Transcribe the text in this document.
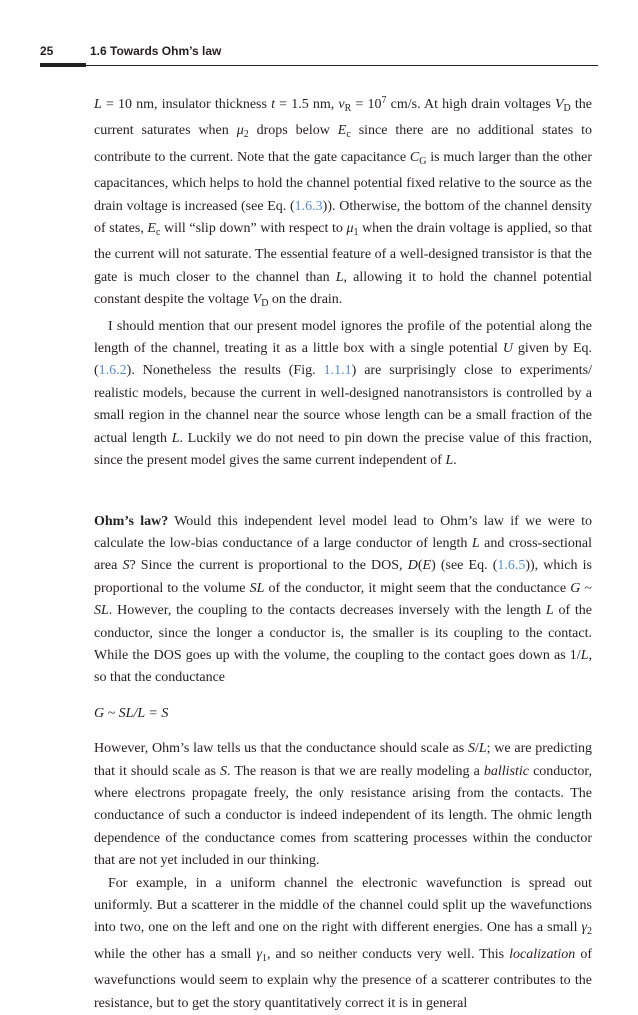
25	1.6 Towards Ohm’s law

L = 10 nm, insulator thickness t = 1.5 nm, $v_R = 10^7$ cm/s. At high drain voltages $V_D$ the current saturates when $\mu_2$ drops below $E_c$ since there are no additional states to contribute to the current. Note that the gate capacitance $C_G$ is much larger than the other capacitances, which helps to hold the channel potential fixed relative to the source as the drain voltage is increased (see Eq. (1.6.3)). Otherwise, the bottom of the channel density of states, $E_c$ will “slip down” with respect to $\mu_1$ when the drain voltage is applied, so that the current will not saturate. The essential feature of a well-designed transistor is that the gate is much closer to the channel than L, allowing it to hold the channel potential constant despite the voltage $V_D$ on the drain.

I should mention that our present model ignores the profile of the potential along the length of the channel, treating it as a little box with a single potential U given by Eq. (1.6.2). Nonetheless the results (Fig. 1.1.1) are surprisingly close to experiments/ realistic models, because the current in well-designed nanotransistors is controlled by a small region in the channel near the source whose length can be a small fraction of the actual length L. Luckily we do not need to pin down the precise value of this fraction, since the present model gives the same current independent of L.

Ohm’s law? Would this independent level model lead to Ohm’s law if we were to calculate the low-bias conductance of a large conductor of length L and cross-sectional area S? Since the current is proportional to the DOS, D(E) (see Eq. (1.6.5)), which is proportional to the volume SL of the conductor, it might seem that the conductance G ~ SL. However, the coupling to the contacts decreases inversely with the length L of the conductor, since the longer a conductor is, the smaller is its coupling to the contact. While the DOS goes up with the volume, the coupling to the contact goes down as 1/L, so that the conductance

G ~ SL/L = S

However, Ohm’s law tells us that the conductance should scale as S/L; we are predicting that it should scale as S. The reason is that we are really modeling a ballistic conductor, where electrons propagate freely, the only resistance arising from the contacts. The conductance of such a conductor is indeed independent of its length. The ohmic length dependence of the conductance comes from scattering processes within the conductor that are not yet included in our thinking.

For example, in a uniform channel the electronic wavefunction is spread out uniformly. But a scatterer in the middle of the channel could split up the wavefunctions into two, one on the left and one on the right with different energies. One has a small $\gamma_2$ while the other has a small $\gamma_1$, and so neither conducts very well. This localization of wavefunctions would seem to explain why the presence of a scatterer contributes to the resistance, but to get the story quantitatively correct it is in general
